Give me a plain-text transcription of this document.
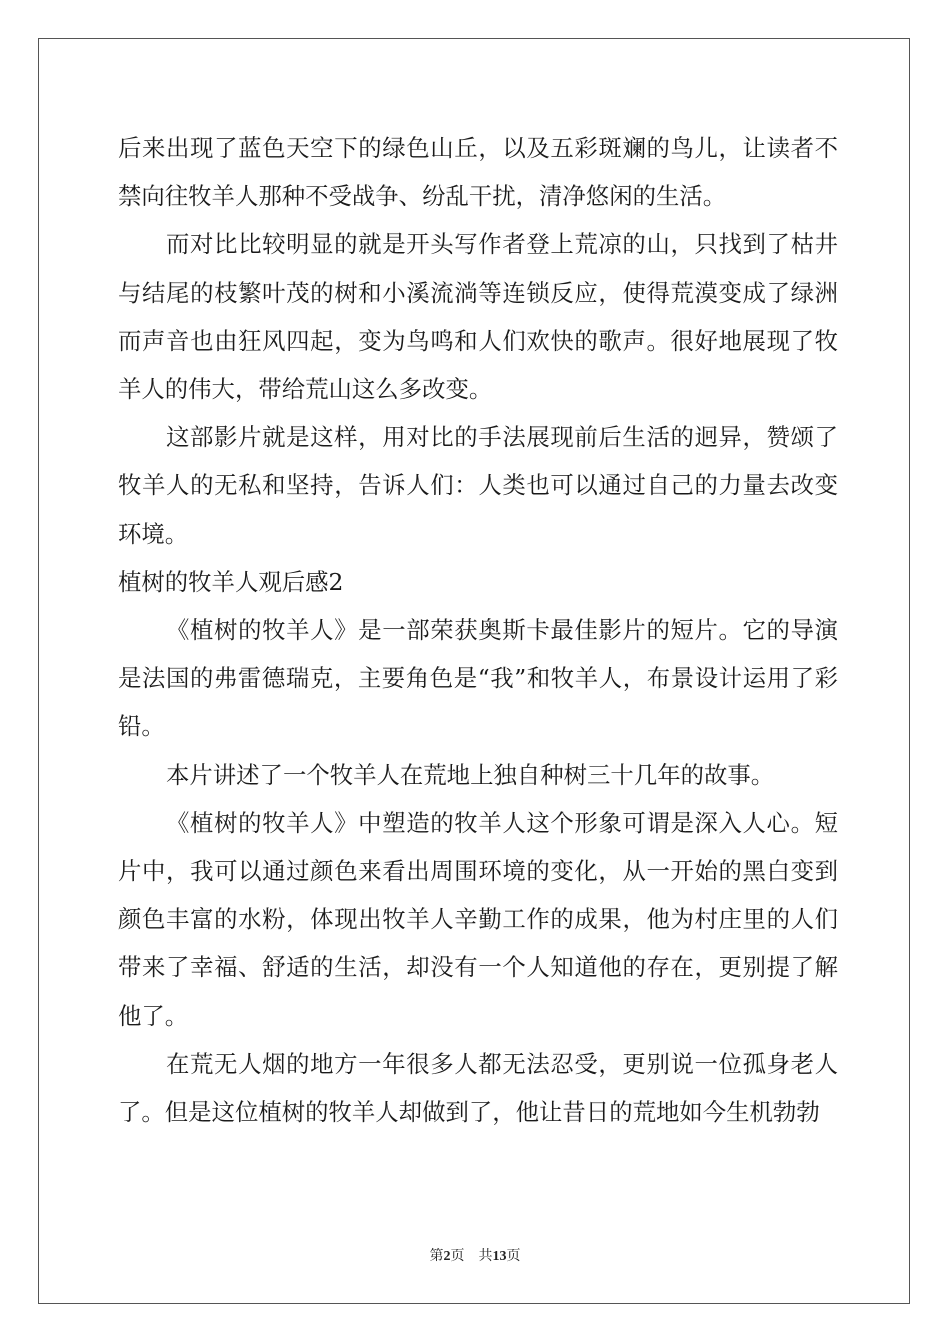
后来出现了蓝色天空下的绿色山丘，以及五彩斑斓的鸟儿，让读者不禁向往牧羊人那种不受战争、纷乱干扰，清净悠闲的生活。

而对比比较明显的就是开头写作者登上荒凉的山，只找到了枯井与结尾的枝繁叶茂的树和小溪流淌等连锁反应，使得荒漠变成了绿洲而声音也由狂风四起，变为鸟鸣和人们欢快的歌声。很好地展现了牧羊人的伟大，带给荒山这么多改变。

这部影片就是这样，用对比的手法展现前后生活的迥异，赞颂了牧羊人的无私和坚持，告诉人们：人类也可以通过自己的力量去改变环境。

植树的牧羊人观后感2

《植树的牧羊人》是一部荣获奥斯卡最佳影片的短片。它的导演是法国的弗雷德瑞克，主要角色是“我”和牧羊人，布景设计运用了彩铅。

本片讲述了一个牧羊人在荒地上独自种树三十几年的故事。

《植树的牧羊人》中塑造的牧羊人这个形象可谓是深入人心。短片中，我可以通过颜色来看出周围环境的变化，从一开始的黑白变到颜色丰富的水粉，体现出牧羊人辛勤工作的成果，他为村庄里的人们带来了幸福、舒适的生活，却没有一个人知道他的存在，更别提了解他了。

在荒无人烟的地方一年很多人都无法忍受，更别说一位孤身老人了。但是这位植树的牧羊人却做到了，他让昔日的荒地如今生机勃勃

第2页 共13页
